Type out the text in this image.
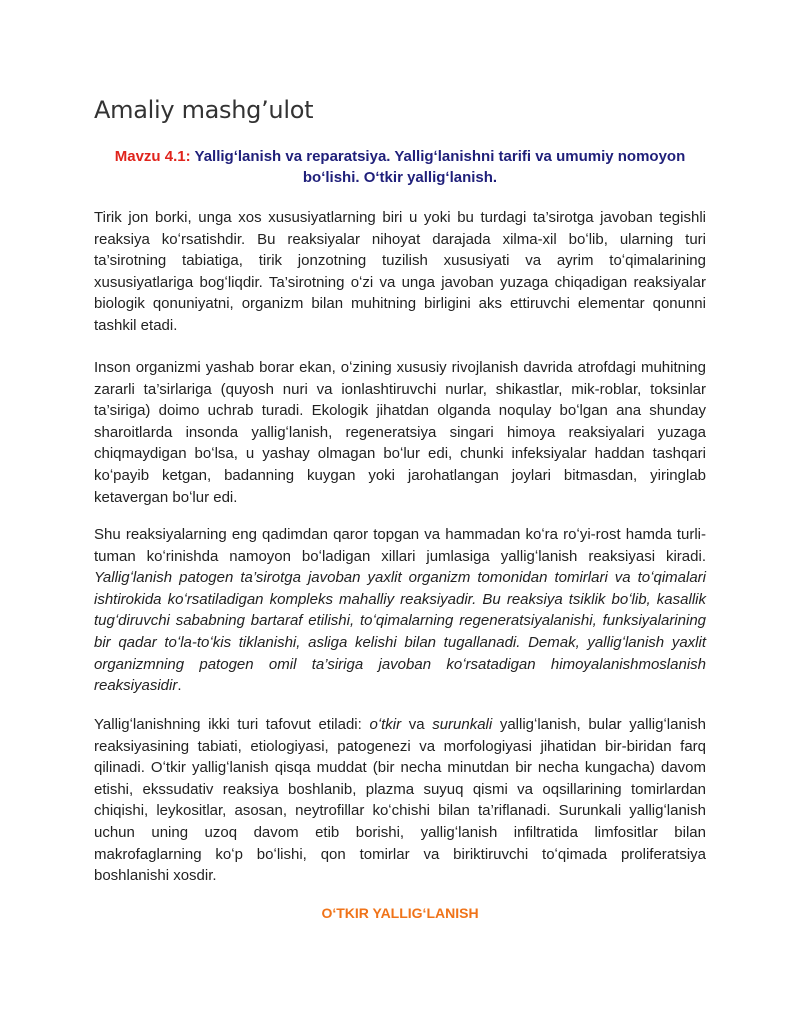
Amaliy mashg’ulot
Mavzu 4.1: Yalligʻlanish va reparatsiya. Yalligʻlanishni tarifi va umumiy nomoyon boʻlishi. Oʻtkir yalligʻlanish.

Tirik jon borki, unga xos xususiyatlarning biri u yoki bu turdagi ta’sirotga javoban tegishli reaksiya koʻrsatishdir. Bu reaksiyalar nihoyat darajada xilma-xil boʻlib, ularning turi ta’sirotning tabiatiga, tirik jonzotning tuzilish xususiyati va ayrim toʻqimalarining xususiyatlariga bogʻliqdir. Ta’sirotning oʻzi va unga javoban yuzaga chiqadigan reaksiyalar biologik qonuniyatni, organizm bilan muhitning birligini aks ettiruvchi elementar qonunni tashkil etadi.

Inson organizmi yashab borar ekan, oʻzining xususiy rivojlanish davrida atrofdagi muhitning zararli ta’sirlariga (quyosh nuri va ionlashtiruvchi nurlar, shikastlar, mik-roblar, toksinlar ta’siriga) doimo uchrab turadi. Ekologik jihatdan olganda noqulay boʻlgan ana shunday sharoitlarda insonda yalligʻlanish, regeneratsiya singari himoya reaksiyalari yuzaga chiqmaydigan boʻlsa, u yashay olmagan boʻlur edi, chunki infeksiyalar haddan tashqari koʻpayib ketgan, badanning kuygan yoki jarohatlangan joylari bitmasdan, yiringlab ketavergan boʻlur edi.

Shu reaksiyalarning eng qadimdan qaror topgan va hammadan koʻra roʻyi-rost hamda turli-tuman koʻrinishda namoyon boʻladigan xillari jumlasiga yalligʻlanish reaksiyasi kiradi. Yalligʻlanish patogen ta’sirotga javoban yaxlit organizm tomonidan tomirlari va toʻqimalari ishtirokida koʻrsatiladigan kompleks mahalliy reaksiyadir. Bu reaksiya tsiklik boʻlib, kasallik tugʻdiruvchi sababning bartaraf etilishi, toʻqimalarning regeneratsiyalanishi, funksiyalarining bir qadar toʻla-toʻkis tiklanishi, asliga kelishi bilan tugallanadi. Demak, yalligʻlanish yaxlit organizmning patogen omil ta’siriga javoban koʻrsatadigan himoyalanishmoslanish reaksiyasidir.

Yalligʻlanishning ikki turi tafovut etiladi: oʻtkir va surunkali yalligʻlanish, bular yalligʻlanish reaksiyasining tabiati, etiologiyasi, patogenezi va morfologiyasi jihatidan bir-biridan farq qilinadi. Oʻtkir yalligʻlanish qisqa muddat (bir necha minutdan bir necha kungacha) davom etishi, ekssudativ reaksiya boshlanib, plazma suyuq qismi va oqsillarining tomirlardan chiqishi, leykositlar, asosan, neytrofillar koʻchishi bilan ta’riflanadi. Surunkali yalligʻlanish uchun uning uzoq davom etib borishi, yalligʻlanish infiltratida limfositlar bilan makrofaglarning koʻp boʻlishi, qon tomirlar va biriktiruvchi toʻqimada proliferatsiya boshlanishi xosdir.

OʻTKIR YALLIGʻLANISH
